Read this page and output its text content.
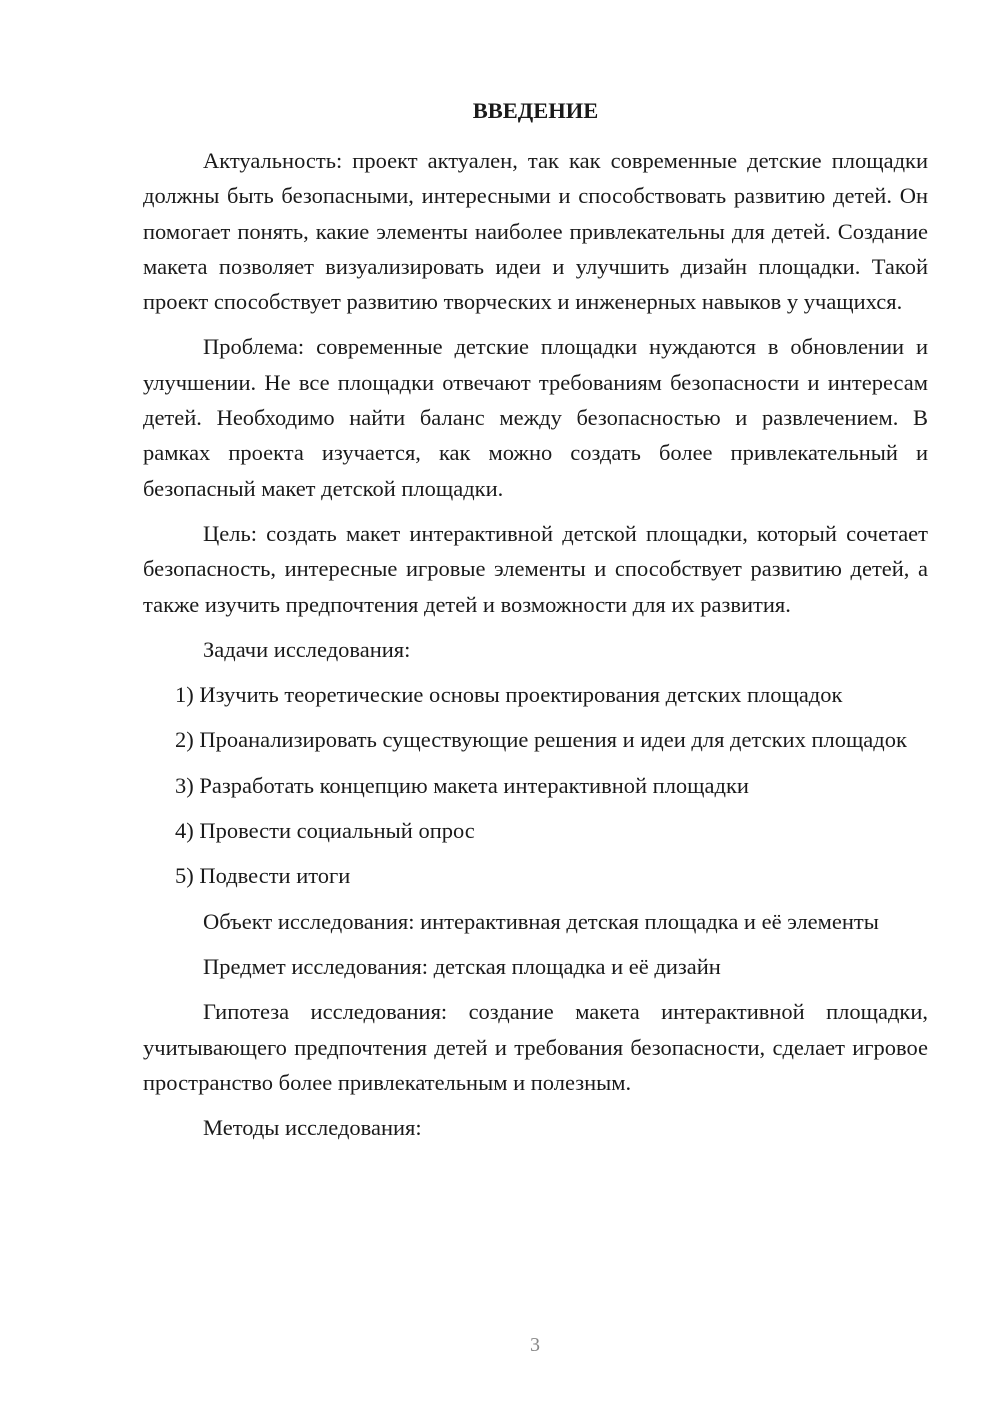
ВВЕДЕНИЕ

Актуальность: проект актуален, так как современные детские площадки должны быть безопасными, интересными и способствовать развитию детей. Он помогает понять, какие элементы наиболее привлекательны для детей. Создание макета позволяет визуализировать идеи и улучшить дизайн площадки. Такой проект способствует развитию творческих и инженерных навыков у учащихся.

Проблема: современные детские площадки нуждаются в обновлении и улучшении. Не все площадки отвечают требованиям безопасности и интересам детей. Необходимо найти баланс между безопасностью и развлечением. В рамках проекта изучается, как можно создать более привлекательный и безопасный макет детской площадки.

Цель: создать макет интерактивной детской площадки, который сочетает безопасность, интересные игровые элементы и способствует развитию детей, а также изучить предпочтения детей и возможности для их развития.

Задачи исследования:

1) Изучить теоретические основы проектирования детских площадок

2) Проанализировать существующие решения и идеи для детских площадок

3) Разработать концепцию макета интерактивной площадки

4) Провести социальный опрос

5) Подвести итоги

Объект исследования: интерактивная детская площадка и её элементы

Предмет исследования: детская площадка и её дизайн

Гипотеза исследования: создание макета интерактивной площадки, учитывающего предпочтения детей и требования безопасности, сделает игровое пространство более привлекательным и полезным.

Методы исследования:

3
